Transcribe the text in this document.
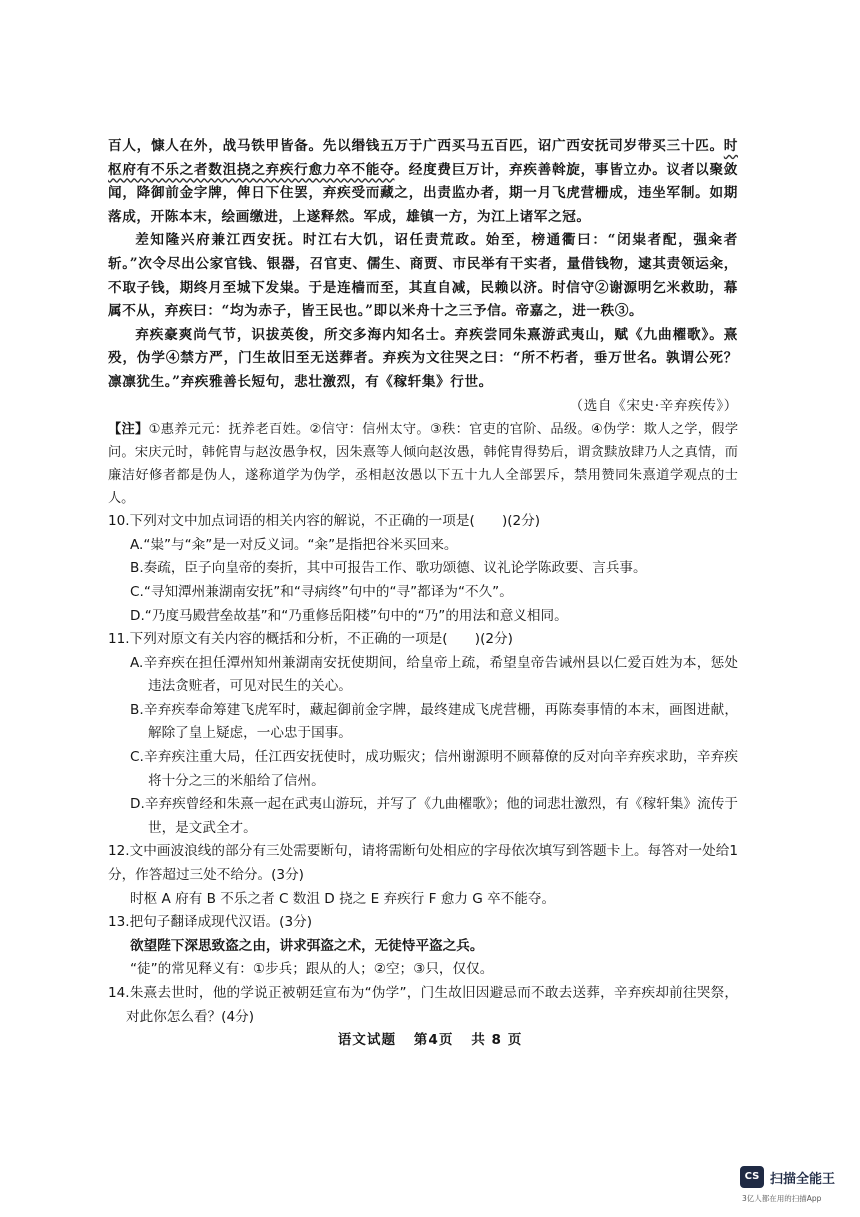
百人，慷人在外，战马铁甲皆备。先以缗钱五万于广西买马五百匹，诏广西安抚司岁带买三十匹。时枢府有不乐之者数沮挠之弃疾行愈力卒不能夺。经度费巨万计，弃疾善斡旋，事皆立办。议者以聚敛闻，降御前金字牌，俾日下住罢，弃疾受而藏之，出责监办者，期一月飞虎营栅成，违坐军制。如期落成，开陈本末，绘画缴进，上遂释然。军成，雄镇一方，为江上诸军之冠。

差知隆兴府兼江西安抚。时江右大饥，诏任责荒政。始至，榜通衢曰：“闭粜者配，强籴者斩。”次令尽出公家官钱、银器，召官吏、儒生、商贾、市民举有干实者，量借钱物，逮其责领运籴，不取子钱，期终月至城下发粜。于是连樯而至，其直自减，民赖以济。时信守②谢源明乞米救助，幕属不从，弃疾曰：“均为赤子，皆王民也。”即以米舟十之三予信。帝嘉之，进一秩③。

弃疾豪爽尚气节，识拔英俊，所交多海内知名士。弃疾尝同朱熹游武夷山，赋《九曲櫂歌》。熹殁，伪学④禁方严，门生故旧至无送葬者。弃疾为文往哭之曰：“所不朽者，垂万世名。孰谓公死？凛凛犹生。”弃疾雅善长短句，悲壮激烈，有《稼轩集》行世。

（选自《宋史·辛弃疾传》）

【注】①惠养元元：抚养老百姓。②信守：信州太守。③秩：官吏的官阶、品级。④伪学：欺人之学，假学问。宋庆元时，韩侂胄与赵汝愚争权，因朱熹等人倾向赵汝愚，韩侂胄得势后，谓贪黩放肆乃人之真情，而廉洁好修者都是伪人，遂称道学为伪学，丞相赵汝愚以下五十九人全部罢斥，禁用赞同朱熹道学观点的士人。

10.下列对文中加点词语的相关内容的解说，不正确的一项是(　　)(2分)

A.“粜”与“籴”是一对反义词。“籴”是指把谷米买回来。

B.奏疏，臣子向皇帝的奏折，其中可报告工作、歌功颂德、议礼论学陈政要、言兵事。

C.“寻知潭州兼湖南安抚”和“寻病终”句中的“寻”都译为“不久”。

D.“乃度马殿营垒故基”和“乃重修岳阳楼”句中的“乃”的用法和意义相同。

11.下列对原文有关内容的概括和分析，不正确的一项是(　　)(2分)

A.辛弃疾在担任潭州知州兼湖南安抚使期间，给皇帝上疏，希望皇帝告诫州县以仁爱百姓为本，惩处违法贪赃者，可见对民生的关心。

B.辛弃疾奉命筹建飞虎军时，藏起御前金字牌，最终建成飞虎营栅，再陈奏事情的本末，画图进献，解除了皇上疑虑，一心忠于国事。

C.辛弃疾注重大局，任江西安抚使时，成功赈灾；信州谢源明不顾幕僚的反对向辛弃疾求助，辛弃疾将十分之三的米船给了信州。

D.辛弃疾曾经和朱熹一起在武夷山游玩，并写了《九曲櫂歌》；他的词悲壮激烈，有《稼轩集》流传于世，是文武全才。

12.文中画波浪线的部分有三处需要断句，请将需断句处相应的字母依次填写到答题卡上。每答对一处给1分，作答超过三处不给分。(3分)

时枢 A 府有 B 不乐之者 C 数沮 D 挠之 E 弃疾行 F 愈力 G 卒不能夺。

13.把句子翻译成现代汉语。(3分)

欲望陛下深思致盗之由，讲求弭盗之术，无徒恃平盗之兵。

“徒”的常见释义有：①步兵；跟从的人；②空；③只，仅仅。

14.朱熹去世时，他的学说正被朝廷宣布为“伪学”，门生故旧因避忌而不敢去送葬，辛弃疾却前往哭祭，对此你怎么看？(4分)

语文试题 第4页 共 8 页
CS 扫描全能王
3亿人都在用的扫描App
